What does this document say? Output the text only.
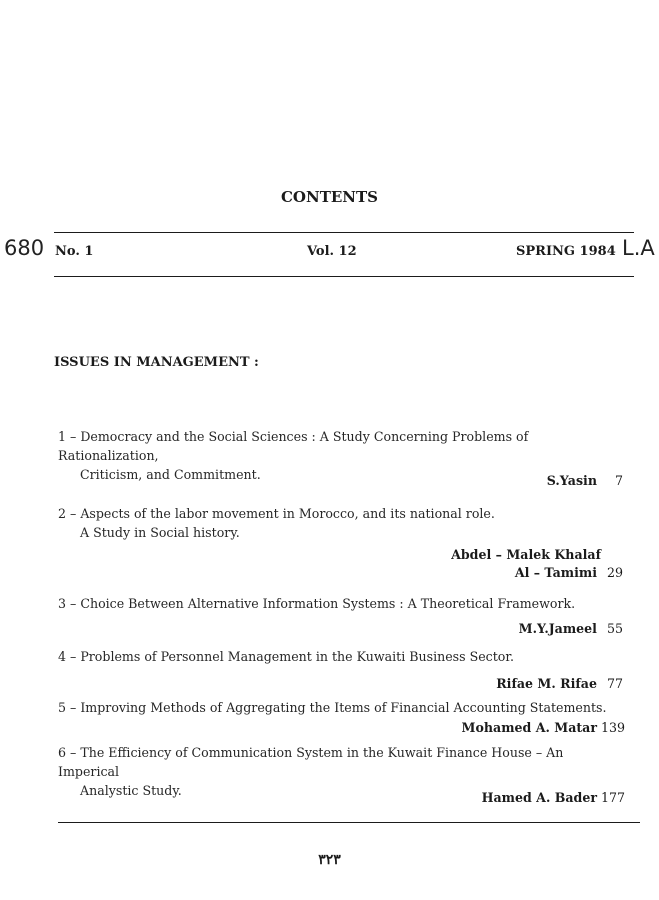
CONTENTS
680 No. 1	Vol. 12	SPRING 1984 L.A
ISSUES IN MANAGEMENT :
1 – Democracy and the Social Sciences : A Study Concerning Problems of Rationalization,
Criticism, and Commitment.	S.Yasin 7
2 – Aspects of the labor movement in Morocco, and its national role.
A Study in Social history.
Abdel – Malek Khalaf
Al – Tamimi 29
3 – Choice Between Alternative Information Systems : A Theoretical Framework.
M.Y.Jameel 55
4 – Problems of Personnel Management in the Kuwaiti Business Sector.
Rifae M. Rifae 77
5 – Improving Methods of Aggregating the Items of Financial Accounting Statements.
Mohamed A. Matar 139
6 – The Efficiency of Communication System in the Kuwait Finance House – An Imperical
Analystic Study.	Hamed A. Bader 177
٣٢٣
